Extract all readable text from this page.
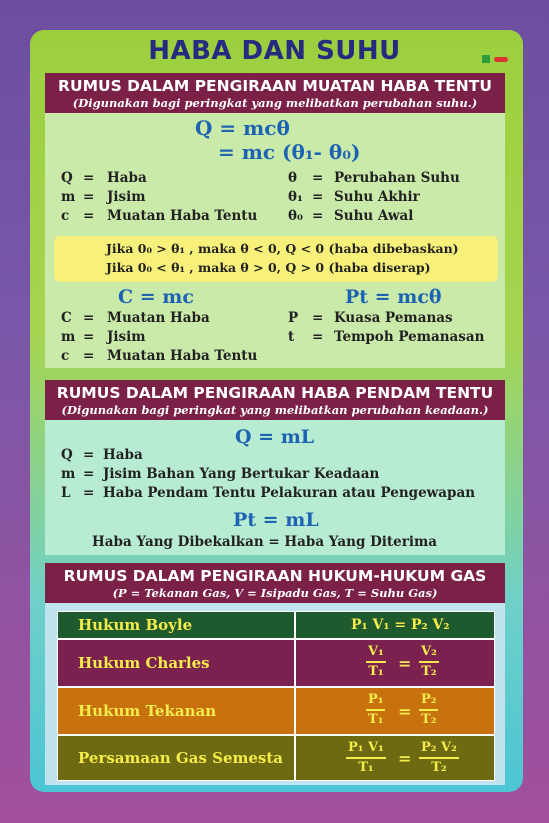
HABA DAN SUHU
RUMUS DALAM PENGIRAAN MUATAN HABA TENTU
(Digunakan bagi peringkat yang melibatkan perubahan suhu.)
Q = mcθ
= mc (θ₁- θ₀)
Q = Haba
m = Jisim
c = Muatan Haba Tentu
θ = Perubahan Suhu
θ₁ = Suhu Akhir
θ₀ = Suhu Awal
Jika 0₀ > θ₁ , maka θ < 0, Q < 0 (haba dibebaskan)
Jika 0₀ < θ₁ , maka θ > 0, Q > 0 (haba diserap)
C = mc	Pt = mcθ
C = Muatan Haba
m = Jisim
c = Muatan Haba Tentu
P = Kuasa Pemanas
t = Tempoh Pemanasan
RUMUS DALAM PENGIRAAN HABA PENDAM TENTU
(Digunakan bagi peringkat yang melibatkan perubahan keadaan.)
Q = mL
Q = Haba
m = Jisim Bahan Yang Bertukar Keadaan
L = Haba Pendam Tentu Pelakuran atau Pengewapan
Pt = mL
Haba Yang Dibekalkan = Haba Yang Diterima
RUMUS DALAM PENGIRAAN HUKUM-HUKUM GAS
(P = Tekanan Gas, V = Isipadu Gas, T = Suhu Gas)
Hukum Boyle	P₁ V₁ = P₂ V₂
Hukum Charles	$\frac{\text{V₁}}{\text{T₁}} = \frac{\text{V₂}}{\text{T₂}}$
Hukum Tekanan	$\frac{\text{P₁}}{\text{T₁}} = \frac{\text{P₂}}{\text{T₂}}$
Persamaan Gas Semesta	$\frac{\text{P₁ V₁}}{\text{T₁}} = \frac{\text{P₂ V₂}}{\text{T₂}}$
